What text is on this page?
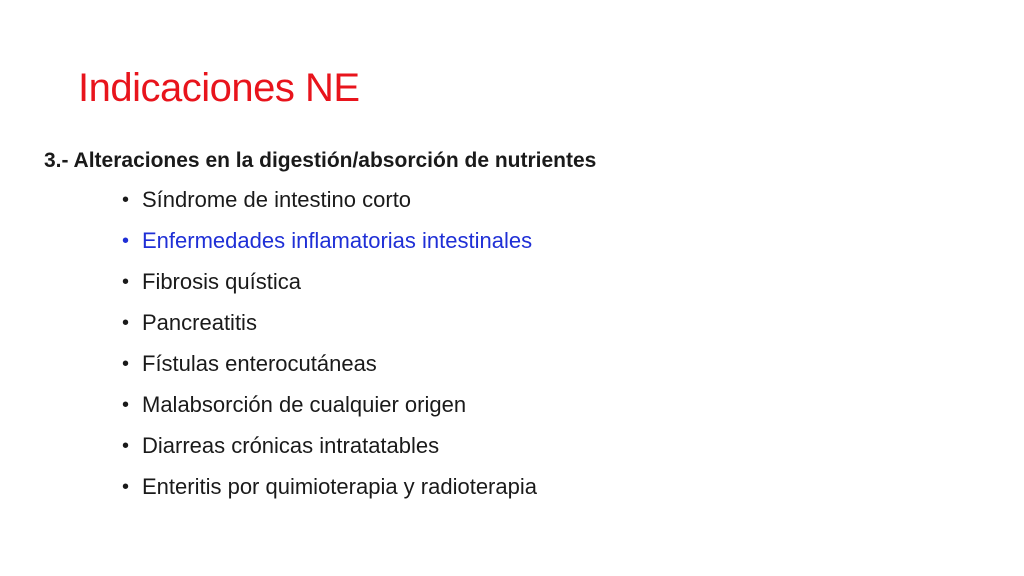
Indicaciones NE

3.- Alteraciones en la digestión/absorción de nutrientes

• Síndrome de intestino corto
• Enfermedades inflamatorias intestinales
• Fibrosis quística
• Pancreatitis
• Fístulas enterocutáneas
• Malabsorción de cualquier origen
• Diarreas crónicas intratatables
• Enteritis por quimioterapia y radioterapia
